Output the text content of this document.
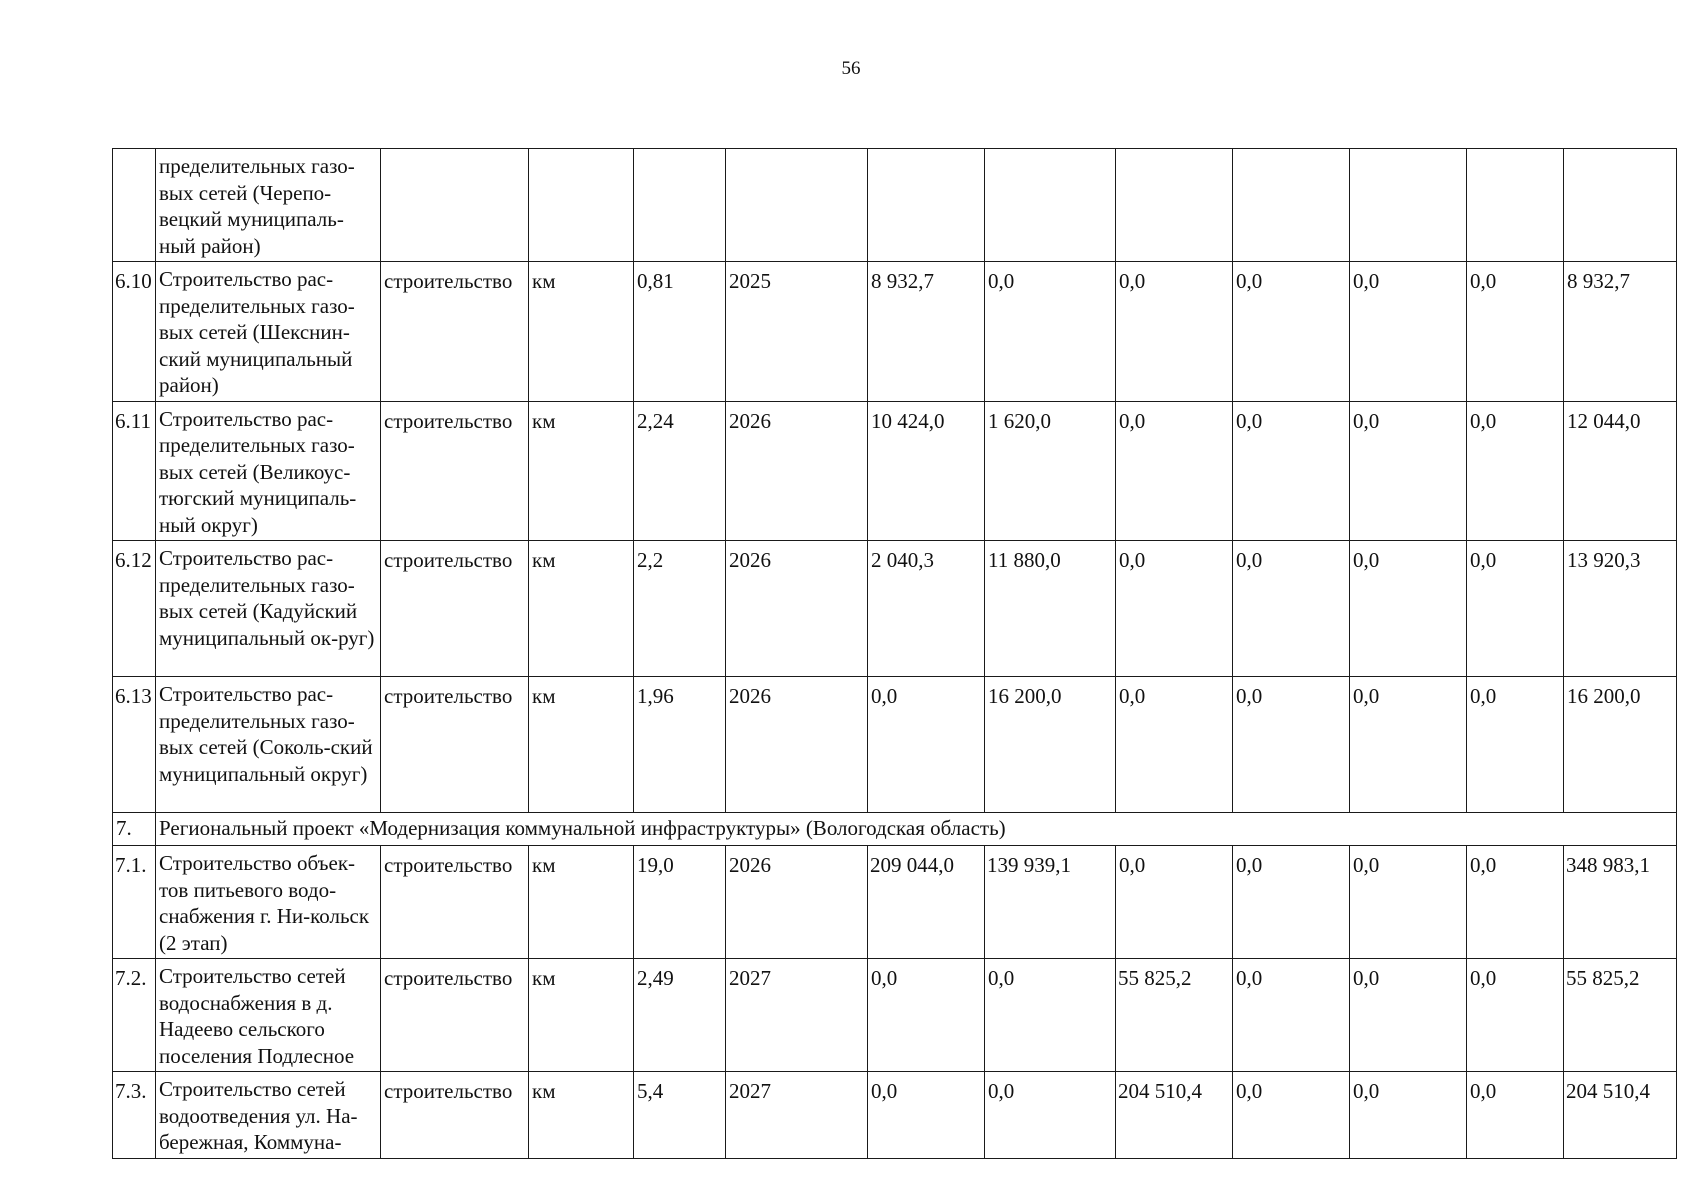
56
	пределительных газо-вых сетей (Черепо-вецкий муниципаль-ный район)											
6.10	Строительство рас-пределительных газо-вых сетей (Шекснин-ский муниципальный район)	строительство	км	0,81	2025	8 932,7	0,0	0,0	0,0	0,0	0,0	8 932,7
6.11	Строительство рас-пределительных газо-вых сетей (Великоус-тюгский муниципаль-ный округ)	строительство	км	2,24	2026	10 424,0	1 620,0	0,0	0,0	0,0	0,0	12 044,0
6.12	Строительство рас-пределительных газо-вых сетей (Кадуйский муниципальный ок-руг)	строительство	км	2,2	2026	2 040,3	11 880,0	0,0	0,0	0,0	0,0	13 920,3
6.13	Строительство рас-пределительных газо-вых сетей (Соколь-ский муниципальный округ)	строительство	км	1,96	2026	0,0	16 200,0	0,0	0,0	0,0	0,0	16 200,0
7.	Региональный проект «Модернизация коммунальной инфраструктуры» (Вологодская область)											
7.1.	Строительство объек-тов питьевого водо-снабжения г. Ни-кольск (2 этап)	строительство	км	19,0	2026	209 044,0	139 939,1	0,0	0,0	0,0	0,0	348 983,1
7.2.	Строительство сетей водоснабжения в д. Надеево сельского поселения Подлесное	строительство	км	2,49	2027	0,0	0,0	55 825,2	0,0	0,0	0,0	55 825,2
7.3.	Строительство сетей водоотведения ул. На-бережная, Коммуна-	строительство	км	5,4	2027	0,0	0,0	204 510,4	0,0	0,0	0,0	204 510,4
